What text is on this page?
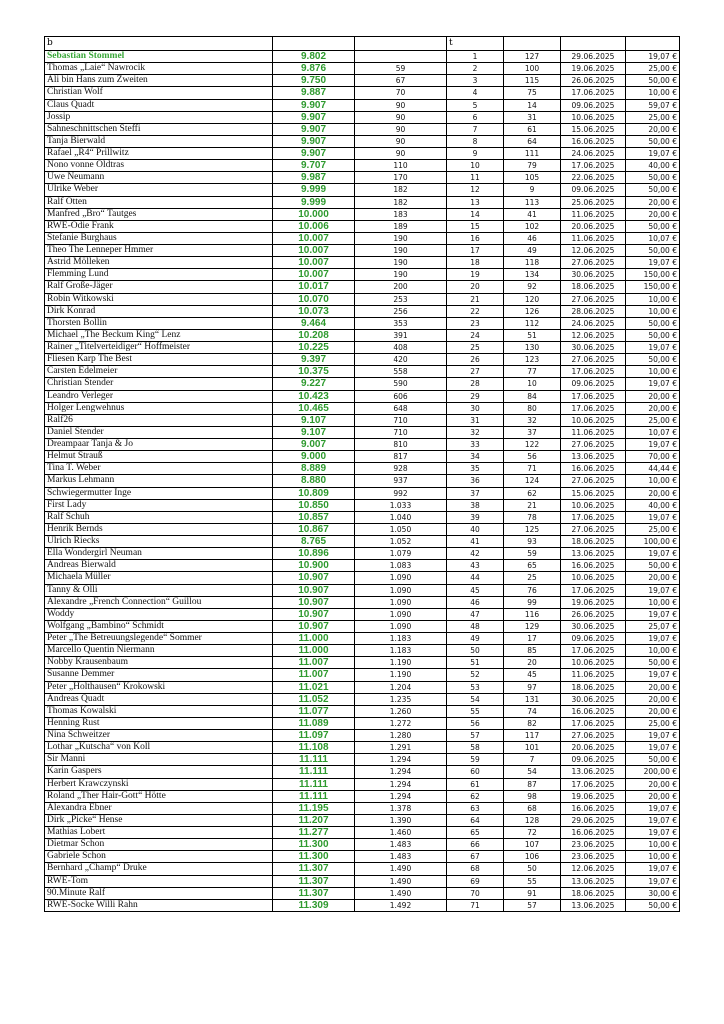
b			t			
Sebastian Stommel	9.802		1	127	29.06.2025	19,07 €
Thomas „Laie“ Nawrocik	9.876	59	2	100	19.06.2025	25,00 €
Ali bin Hans zum Zweiten	9.750	67	3	115	26.06.2025	50,00 €
Christian Wolf	9.887	70	4	75	17.06.2025	10,00 €
Claus Quadt	9.907	90	5	14	09.06.2025	59,07 €
Jossip	9.907	90	6	31	10.06.2025	25,00 €
Sahneschnittschen Steffi	9.907	90	7	61	15.06.2025	20,00 €
Tanja Bierwald	9.907	90	8	64	16.06.2025	50,00 €
Rafael „R4“ Prillwitz	9.907	90	9	111	24.06.2025	19,07 €
Nono vonne Oldtras	9.707	110	10	79	17.06.2025	40,00 €
Uwe Neumann	9.987	170	11	105	22.06.2025	50,00 €
Ulrike Weber	9.999	182	12	9	09.06.2025	50,00 €
Ralf Otten	9.999	182	13	113	25.06.2025	20,00 €
Manfred „Bro“ Tautges	10.000	183	14	41	11.06.2025	20,00 €
RWE-Odie Frank	10.006	189	15	102	20.06.2025	50,00 €
Stefanie Burghaus	10.007	190	16	46	11.06.2025	10,07 €
Theo The Lenneper Hmmer	10.007	190	17	49	12.06.2025	50,00 €
Astrid Mölleken	10.007	190	18	118	27.06.2025	19,07 €
Flemming Lund	10.007	190	19	134	30.06.2025	150,00 €
Ralf Große-Jäger	10.017	200	20	92	18.06.2025	150,00 €
Robin Witkowski	10.070	253	21	120	27.06.2025	10,00 €
Dirk Konrad	10.073	256	22	126	28.06.2025	10,00 €
Thorsten Bollin	9.464	353	23	112	24.06.2025	50,00 €
Michael „The Beckum King“ Lenz	10.208	391	24	51	12.06.2025	50,00 €
Rainer „Titelverteidiger“ Hoffmeister	10.225	408	25	130	30.06.2025	19,07 €
Fliesen Karp The Best	9.397	420	26	123	27.06.2025	50,00 €
Carsten Edelmeier	10.375	558	27	77	17.06.2025	10,00 €
Christian Stender	9.227	590	28	10	09.06.2025	19,07 €
Leandro Verleger	10.423	606	29	84	17.06.2025	20,00 €
Holger Lengwehnus	10.465	648	30	80	17.06.2025	20,00 €
Ralf26	9.107	710	31	32	10.06.2025	25,00 €
Daniel Stender	9.107	710	32	37	11.06.2025	10,07 €
Dreampaar Tanja & Jo	9.007	810	33	122	27.06.2025	19,07 €
Helmut Strauß	9.000	817	34	56	13.06.2025	70,00 €
Tina T. Weber	8.889	928	35	71	16.06.2025	44,44 €
Markus Lehmann	8.880	937	36	124	27.06.2025	10,00 €
Schwiegermutter Inge	10.809	992	37	62	15.06.2025	20,00 €
First Lady	10.850	1.033	38	21	10.06.2025	40,00 €
Ralf Schuh	10.857	1.040	39	78	17.06.2025	19,07 €
Henrik Bernds	10.867	1.050	40	125	27.06.2025	25,00 €
Ulrich Riecks	8.765	1.052	41	93	18.06.2025	100,00 €
Ella Wondergirl Neuman	10.896	1.079	42	59	13.06.2025	19,07 €
Andreas Bierwald	10.900	1.083	43	65	16.06.2025	50,00 €
Michaela Müller	10.907	1.090	44	25	10.06.2025	20,00 €
Tanny & Olli	10.907	1.090	45	76	17.06.2025	19,07 €
Alexandre „French Connection“ Guillou	10.907	1.090	46	99	19.06.2025	10,00 €
Woddy	10.907	1.090	47	116	26.06.2025	19,07 €
Wolfgang „Bambino“ Schmidt	10.907	1.090	48	129	30.06.2025	25,07 €
Peter „The Betreuungslegende“ Sommer	11.000	1.183	49	17	09.06.2025	19,07 €
Marcello Quentin Niermann	11.000	1.183	50	85	17.06.2025	10,00 €
Nobby Krausenbaum	11.007	1.190	51	20	10.06.2025	50,00 €
Susanne Demmer	11.007	1.190	52	45	11.06.2025	19,07 €
Peter „Holthausen“ Krokowski	11.021	1.204	53	97	18.06.2025	20,00 €
Andreas Quadt	11.052	1.235	54	131	30.06.2025	20,00 €
Thomas Kowalski	11.077	1.260	55	74	16.06.2025	20,00 €
Henning Rust	11.089	1.272	56	82	17.06.2025	25,00 €
Nina Schweitzer	11.097	1.280	57	117	27.06.2025	19,07 €
Lothar „Kutscha“ von Koll	11.108	1.291	58	101	20.06.2025	19,07 €
Sir Manni	11.111	1.294	59	7	09.06.2025	50,00 €
Karin Gaspers	11.111	1.294	60	54	13.06.2025	200,00 €
Herbert Krawczynski	11.111	1.294	61	87	17.06.2025	20,00 €
Roland „Ther Hair-Gott“ Hötte	11.111	1.294	62	98	19.06.2025	20,00 €
Alexandra Ebner	11.195	1.378	63	68	16.06.2025	19,07 €
Dirk „Picke“ Hense	11.207	1.390	64	128	29.06.2025	19,07 €
Mathias Lobert	11.277	1.460	65	72	16.06.2025	19,07 €
Dietmar Schon	11.300	1.483	66	107	23.06.2025	10,00 €
Gabriele Schon	11.300	1.483	67	106	23.06.2025	10,00 €
Bernhard „Champ“ Druke	11.307	1.490	68	50	12.06.2025	19,07 €
RWE-Tom	11.307	1.490	69	55	13.06.2025	19,07 €
90.Minute Ralf	11.307	1.490	70	91	18.06.2025	30,00 €
RWE-Socke Willi Rahn	11.309	1.492	71	57	13.06.2025	50,00 €
